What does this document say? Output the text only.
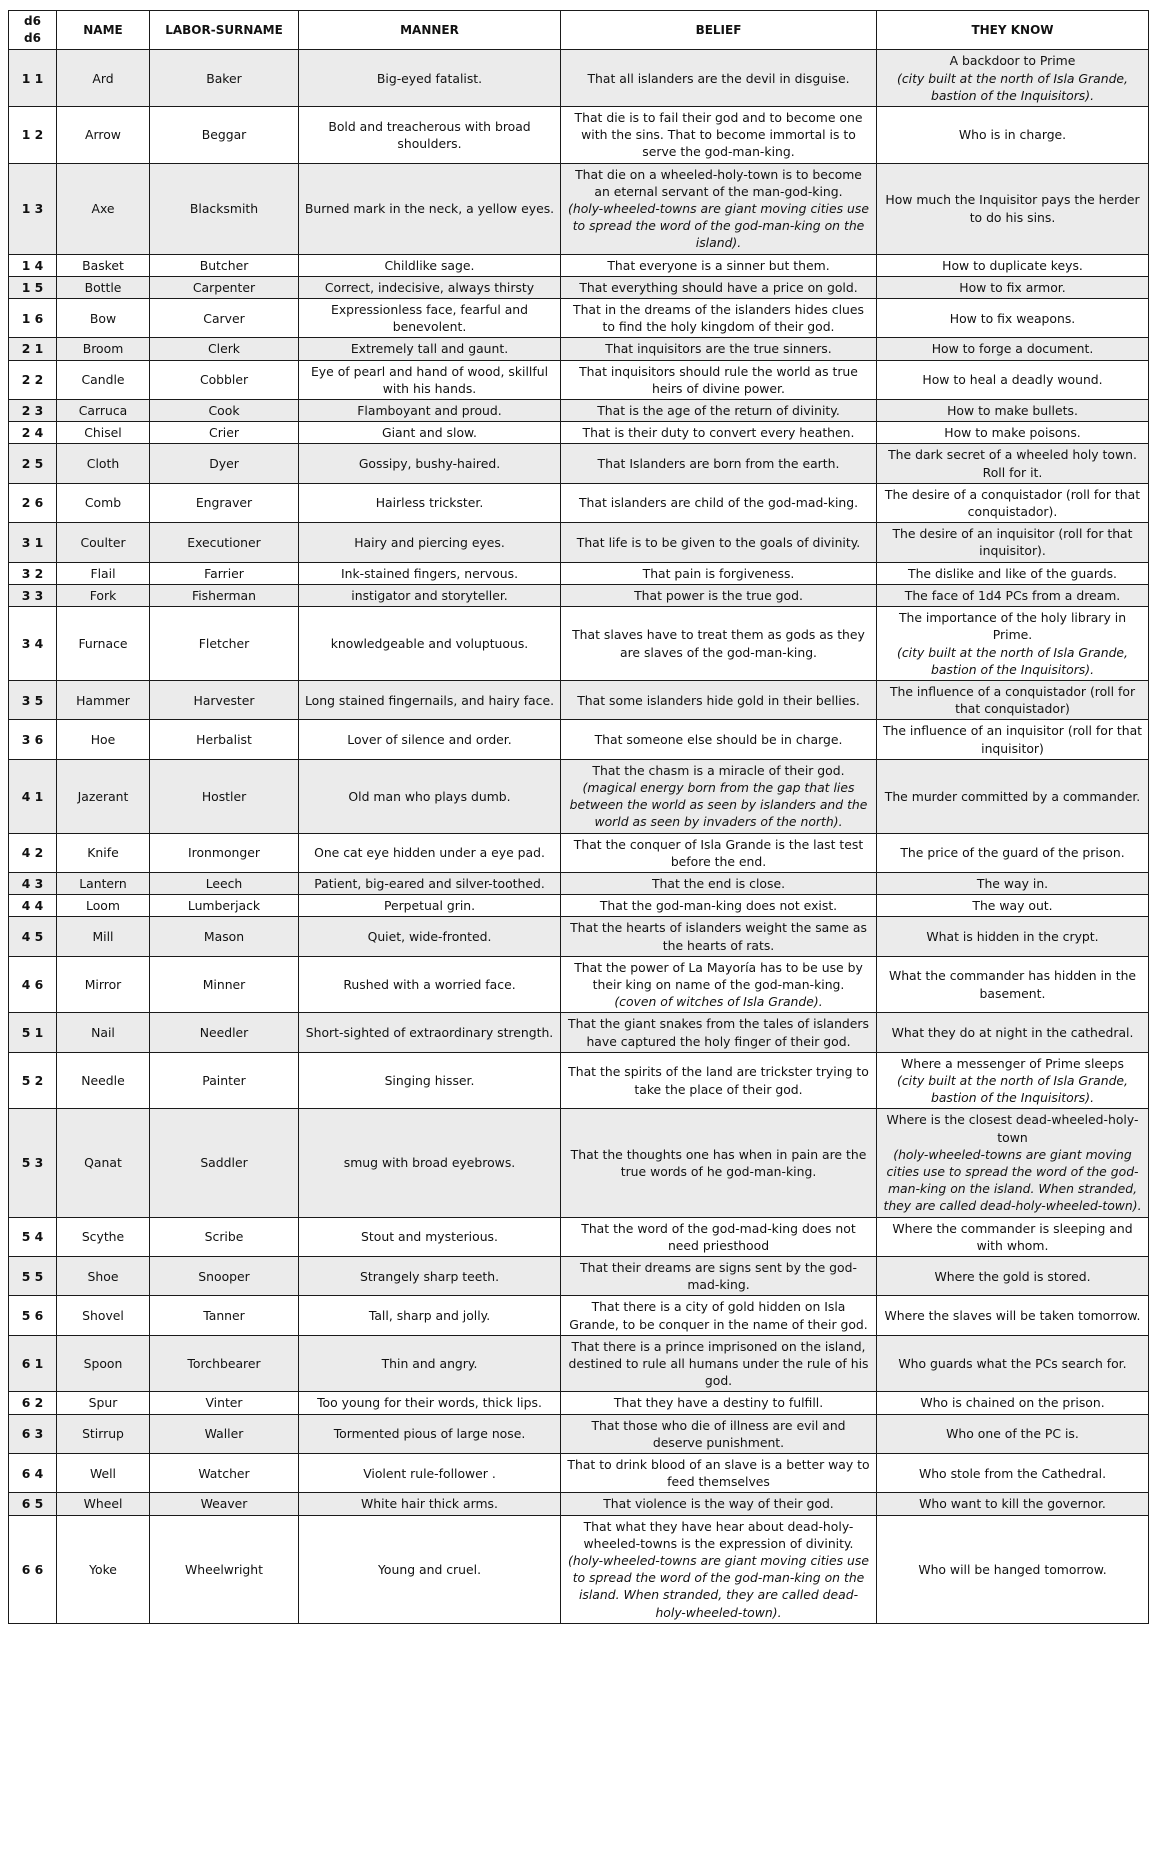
d6 d6	NAME	LABOR-SURNAME	MANNER	BELIEF	THEY KNOW

1 1	Ard	Baker	Big-eyed fatalist.	That all islanders are the devil in disguise.	A backdoor to Prime
(city built at the north of Isla Grande, bastion of the Inquisitors).

1 2	Arrow	Beggar	Bold and treacherous with broad shoulders.	That die is to fail their god and to become one with the sins. That to become immortal is to serve the god-man-king.	Who is in charge.

1 3	Axe	Blacksmith	Burned mark in the neck, a yellow eyes.	That die on a wheeled-holy-town is to become an eternal servant of the man-god-king.
(holy-wheeled-towns are giant moving cities use to spread the word of the god-man-king on the island).	How much the Inquisitor pays the herder to do his sins.

1 4	Basket	Butcher	Childlike sage.	That everyone is a sinner but them.	How to duplicate keys.

1 5	Bottle	Carpenter	Correct, indecisive, always thirsty	That everything should have a price on gold.	How to fix armor.

1 6	Bow	Carver	Expressionless face, fearful and benevolent.	That in the dreams of the islanders hides clues to find the holy kingdom of their god.	How to fix weapons.

2 1	Broom	Clerk	Extremely tall and gaunt.	That inquisitors are the true sinners.	How to forge a document.

2 2	Candle	Cobbler	Eye of pearl and hand of wood, skillful with his hands.	That inquisitors should rule the world as true heirs of divine power.	How to heal a deadly wound.

2 3	Carruca	Cook	Flamboyant and proud.	That is the age of the return of divinity.	How to make bullets.

2 4	Chisel	Crier	Giant and slow.	That is their duty to convert every heathen.	How to make poisons.

2 5	Cloth	Dyer	Gossipy, bushy-haired.	That Islanders are born from the earth.	The dark secret of a wheeled holy town. Roll for it.

2 6	Comb	Engraver	Hairless trickster.	That islanders are child of the god-mad-king.	The desire of a conquistador (roll for that conquistador).

3 1	Coulter	Executioner	Hairy and piercing eyes.	That life is to be given to the goals of divinity.	The desire of an inquisitor (roll for that inquisitor).

3 2	Flail	Farrier	Ink-stained fingers, nervous.	That pain is forgiveness.	The dislike and like of the guards.

3 3	Fork	Fisherman	instigator and storyteller.	That power is the true god.	The face of 1d4 PCs from a dream.

3 4	Furnace	Fletcher	knowledgeable and voluptuous.	That slaves have to treat them as gods as they are slaves of the god-man-king.	The importance of the holy library in Prime.
(city built at the north of Isla Grande, bastion of the Inquisitors).

3 5	Hammer	Harvester	Long stained fingernails, and hairy face.	That some islanders hide gold in their bellies.	The influence of a conquistador (roll for that conquistador)

3 6	Hoe	Herbalist	Lover of silence and order.	That someone else should be in charge.	The influence of an inquisitor (roll for that inquisitor)

4 1	Jazerant	Hostler	Old man who plays dumb.	That the chasm is a miracle of their god.
(magical energy born from the gap that lies between the world as seen by islanders and the world as seen by invaders of the north).	The murder committed by a commander.

4 2	Knife	Ironmonger	One cat eye hidden under a eye pad.	That the conquer of Isla Grande is the last test before the end.	The price of the guard of the prison.

4 3	Lantern	Leech	Patient, big-eared and silver-toothed.	That the end is close.	The way in.

4 4	Loom	Lumberjack	Perpetual grin.	That the god-man-king does not exist.	The way out.

4 5	Mill	Mason	Quiet, wide-fronted.	That the hearts of islanders weight the same as the hearts of rats.	What is hidden in the crypt.

4 6	Mirror	Minner	Rushed with a worried face.	That the power of La Mayoría has to be use by their king on name of the god-man-king.
(coven of witches of Isla Grande).	What the commander has hidden in the basement.

5 1	Nail	Needler	Short-sighted of extraordinary strength.	That the giant snakes from the tales of islanders have captured the holy finger of their god.	What they do at night in the cathedral.

5 2	Needle	Painter	Singing hisser.	That the spirits of the land are trickster trying to take the place of their god.	Where a messenger of Prime sleeps
(city built at the north of Isla Grande, bastion of the Inquisitors).

5 3	Qanat	Saddler	smug with broad eyebrows.	That the thoughts one has when in pain are the true words of he god-man-king.	Where is the closest dead-wheeled-holy-town
(holy-wheeled-towns are giant moving cities use to spread the word of the god-man-king on the island. When stranded, they are called dead-holy-wheeled-town).

5 4	Scythe	Scribe	Stout and mysterious.	That the word of the god-mad-king does not need priesthood	Where the commander is sleeping and with whom.

5 5	Shoe	Snooper	Strangely sharp teeth.	That their dreams are signs sent by the god-mad-king.	Where the gold is stored.

5 6	Shovel	Tanner	Tall, sharp and jolly.	That there is a city of gold hidden on Isla Grande, to be conquer in the name of their god.	Where the slaves will be taken tomorrow.

6 1	Spoon	Torchbearer	Thin and angry.	That there is a prince imprisoned on the island, destined to rule all humans under the rule of his god.	Who guards what the PCs search for.

6 2	Spur	Vinter	Too young for their words, thick lips.	That they have a destiny to fulfill.	Who is chained on the prison.

6 3	Stirrup	Waller	Tormented pious of large nose.	That those who die of illness are evil and deserve punishment.	Who one of the PC is.

6 4	Well	Watcher	Violent rule-follower .	That to drink blood of an slave is a better way to feed themselves	Who stole from the Cathedral.

6 5	Wheel	Weaver	White hair thick arms.	That violence is the way of their god.	Who want to kill the governor.

6 6	Yoke	Wheelwright	Young and cruel.	That what they have hear about dead-holy-wheeled-towns is the expression of divinity.
(holy-wheeled-towns are giant moving cities use to spread the word of the god-man-king on the island. When stranded, they are called dead-holy-wheeled-town).	Who will be hanged tomorrow.
